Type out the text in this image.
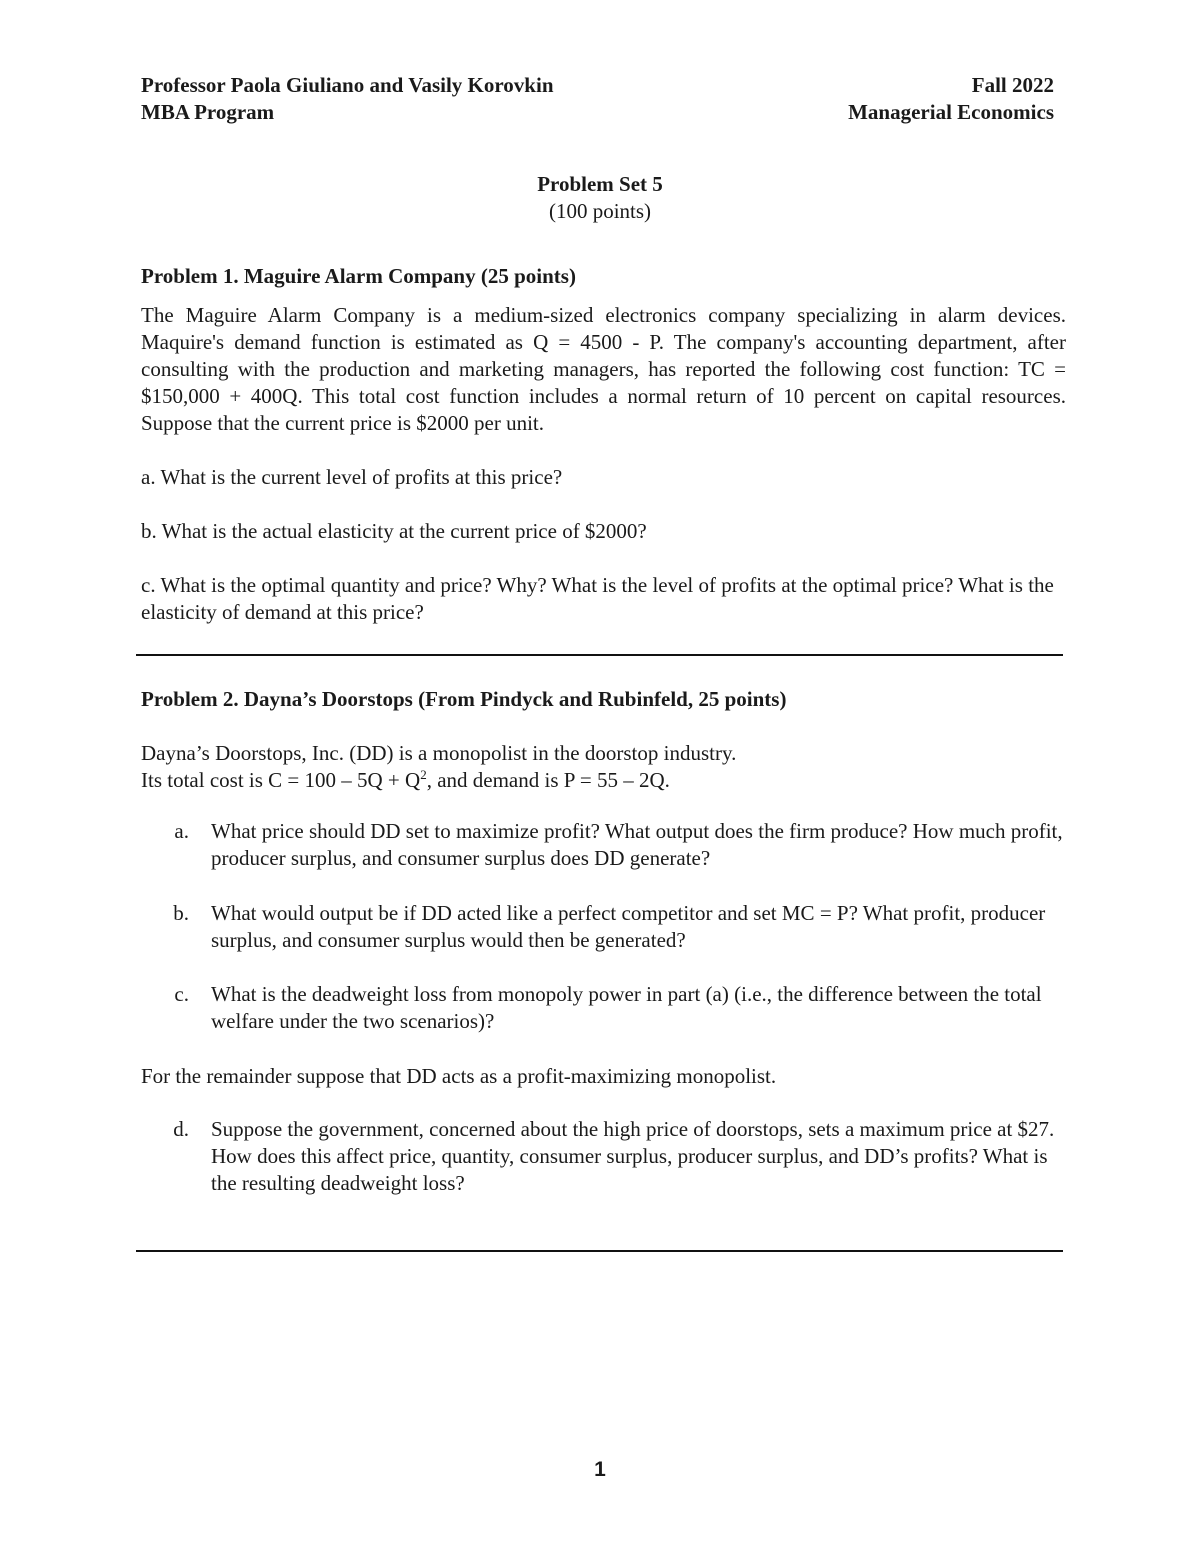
Professor Paola Giuliano and Vasily Korovkin	Fall 2022
MBA Program	Managerial Economics
Problem Set 5
(100 points)
Problem 1. Maguire Alarm Company (25 points)
The Maguire Alarm Company is a medium-sized electronics company specializing in alarm devices. Maquire's demand function is estimated as Q = 4500 - P. The company's accounting department, after consulting with the production and marketing managers, has reported the following cost function: TC = $150,000 + 400Q. This total cost function includes a normal return of 10 percent on capital resources. Suppose that the current price is $2000 per unit.
a. What is the current level of profits at this price?
b. What is the actual elasticity at the current price of $2000?
c. What is the optimal quantity and price? Why? What is the level of profits at the optimal price? What is the elasticity of demand at this price?
Problem 2. Dayna’s Doorstops (From Pindyck and Rubinfeld, 25 points)
Dayna’s Doorstops, Inc. (DD) is a monopolist in the doorstop industry.
Its total cost is $C = 100 - 5Q + Q^2$, and demand is P = 55 – 2Q.
a.	What price should DD set to maximize profit? What output does the firm produce? How much profit, producer surplus, and consumer surplus does DD generate?
b.	What would output be if DD acted like a perfect competitor and set MC = P? What profit, producer surplus, and consumer surplus would then be generated?
c.	What is the deadweight loss from monopoly power in part (a) (i.e., the difference between the total welfare under the two scenarios)?
For the remainder suppose that DD acts as a profit-maximizing monopolist.
d.	Suppose the government, concerned about the high price of doorstops, sets a maximum price at $27. How does this affect price, quantity, consumer surplus, producer surplus, and DD’s profits? What is the resulting deadweight loss?
1
